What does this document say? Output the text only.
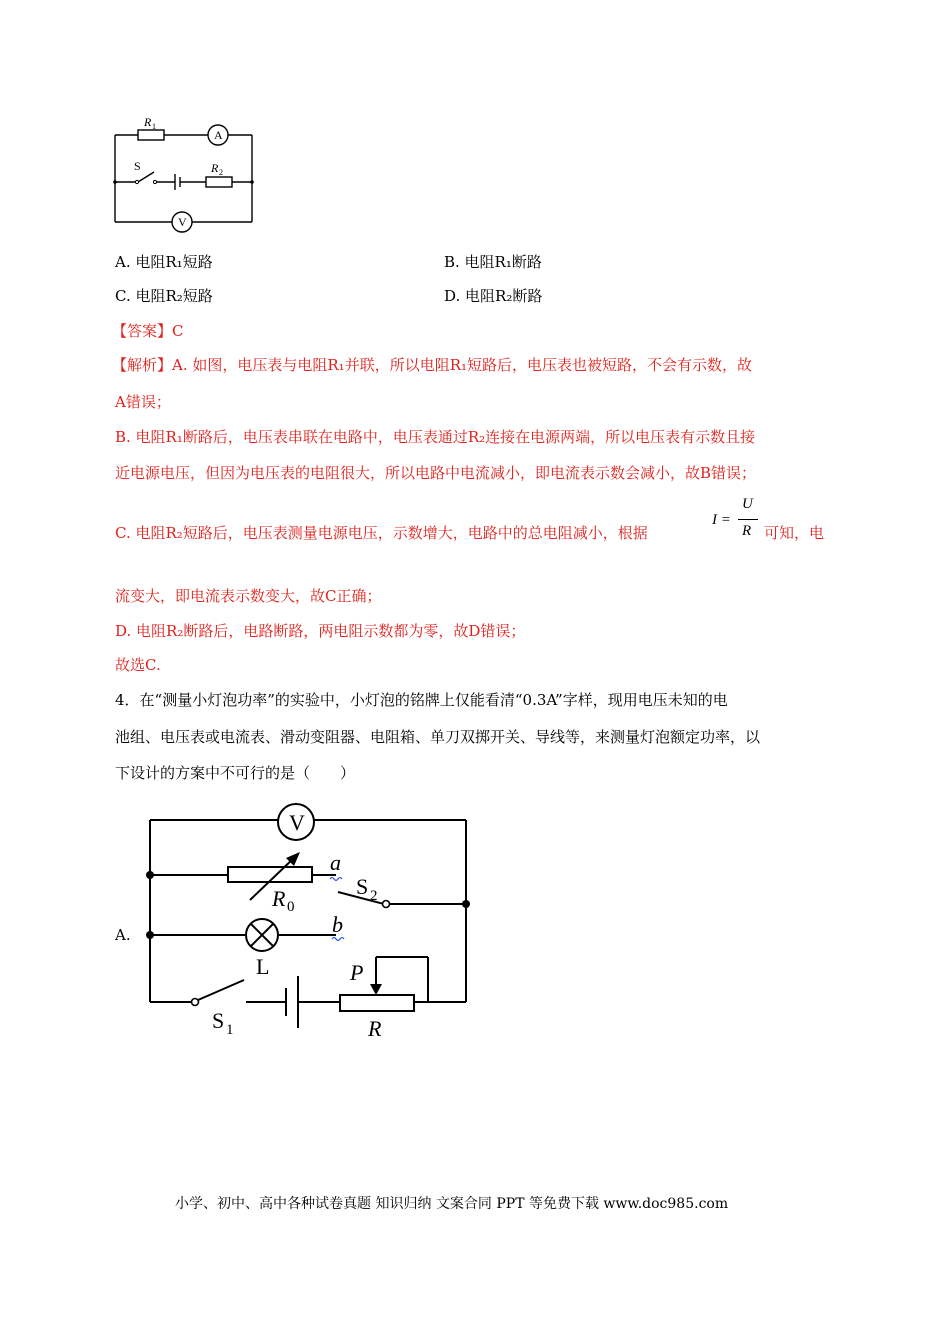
R 1
A
S	R 2
V
A. 电阻R₁短路	B. 电阻R₁断路
C. 电阻R₂短路	D. 电阻R₂断路
【答案】C
【解析】A. 如图，电压表与电阻R₁并联，所以电阻R₁短路后，电压表也被短路，不会有示数，故
A错误；
B. 电阻R₁断路后，电压表串联在电路中，电压表通过R₂连接在电源两端，所以电压表有示数且接
近电源电压，但因为电压表的电阻很大，所以电路中电流减小，即电流表示数会减小，故B错误；
C. 电阻R₂短路后，电压表测量电源电压，示数增大，电路中的总电阻减小，根据
I =
U
R 可知，电
流变大，即电流表示数变大，故C正确；
D. 电阻R₂断路后，电路断路，两电阻示数都为零，故D错误；
故选C.
4．在“测量小灯泡功率”的实验中，小灯泡的铭牌上仅能看清“0.3A”字样，现用电压未知的电
池组、电压表或电流表、滑动变阻器、电阻箱、单刀双掷开关、导线等，来测量灯泡额定功率，以
下设计的方案中不可行的是（　　）
A.
V
R 0
a
S 2
b
L	P
R
S 1
小学、初中、高中各种试卷真题 知识归纳 文案合同 PPT 等免费下载 www.doc985.com
